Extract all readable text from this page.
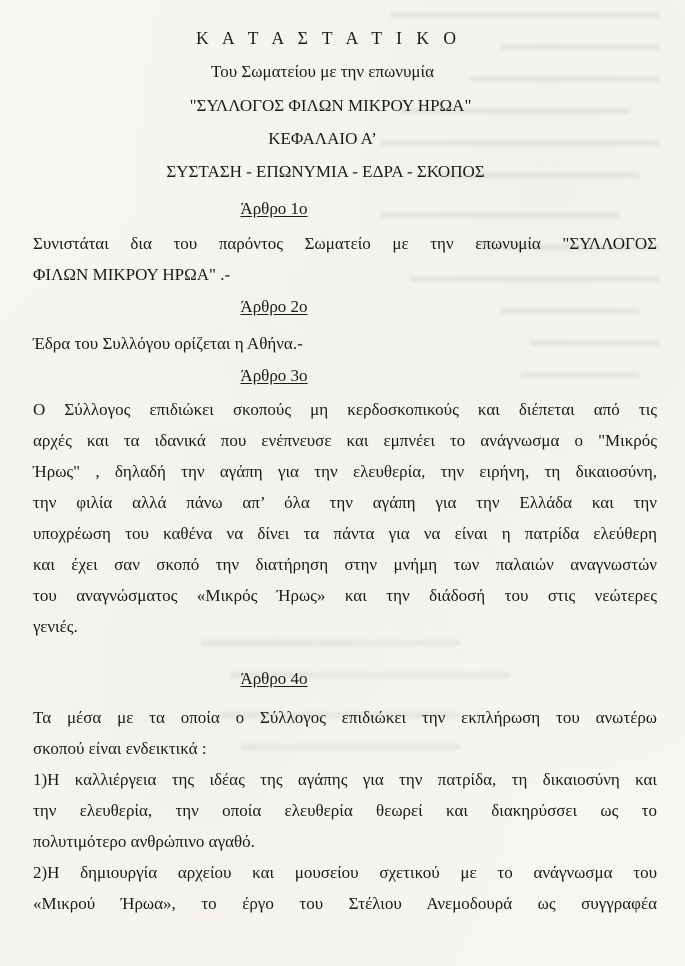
Κ Α Τ Α Σ Τ Α Τ Ι Κ Ο
Του Σωματείου με την επωνυμία
"ΣΥΛΛΟΓΟΣ ΦΙΛΩΝ ΜΙΚΡΟΥ ΗΡΩΑ"
ΚΕΦΑΛΑΙΟ Α’
ΣΥΣΤΑΣΗ - ΕΠΩΝΥΜΙΑ - ΕΔΡΑ - ΣΚΟΠΟΣ
Άρθρο 1ο
Συνιστάται δια του παρόντος Σωματείο με την επωνυμία "ΣΥΛΛΟΓΟΣ
ΦΙΛΩΝ ΜΙΚΡΟΥ ΗΡΩΑ" .-
Άρθρο 2ο
Έδρα του Συλλόγου ορίζεται η Αθήνα.-
Άρθρο 3ο
Ο Σύλλογος επιδιώκει σκοπούς μη κερδοσκοπικούς και διέπεται από τις
αρχές και τα ιδανικά που ενέπνευσε και εμπνέει το ανάγνωσμα ο "Μικρός
Ήρως" , δηλαδή την αγάπη για την ελευθερία, την ειρήνη, τη δικαιοσύνη,
την φιλία αλλά πάνω απ’ όλα την αγάπη για την Ελλάδα και την
υποχρέωση του καθένα να δίνει τα πάντα για να είναι η πατρίδα ελεύθερη
και έχει σαν σκοπό την διατήρηση στην μνήμη των παλαιών αναγνωστών
του αναγνώσματος «Μικρός Ήρως» και την διάδοσή του στις νεώτερες
γενιές.
Άρθρο 4ο
Τα μέσα με τα οποία ο Σύλλογος επιδιώκει την εκπλήρωση του ανωτέρω
σκοπού είναι ενδεικτικά :
1)Η καλλιέργεια της ιδέας της αγάπης για την πατρίδα, τη δικαιοσύνη και
την ελευθερία, την οποία ελευθερία θεωρεί και διακηρύσσει ως το
πολυτιμότερο ανθρώπινο αγαθό.
2)Η δημιουργία αρχείου και μουσείου σχετικού με το ανάγνωσμα του
«Μικρού Ήρωα», το έργο του Στέλιου Ανεμοδουρά ως συγγραφέα
